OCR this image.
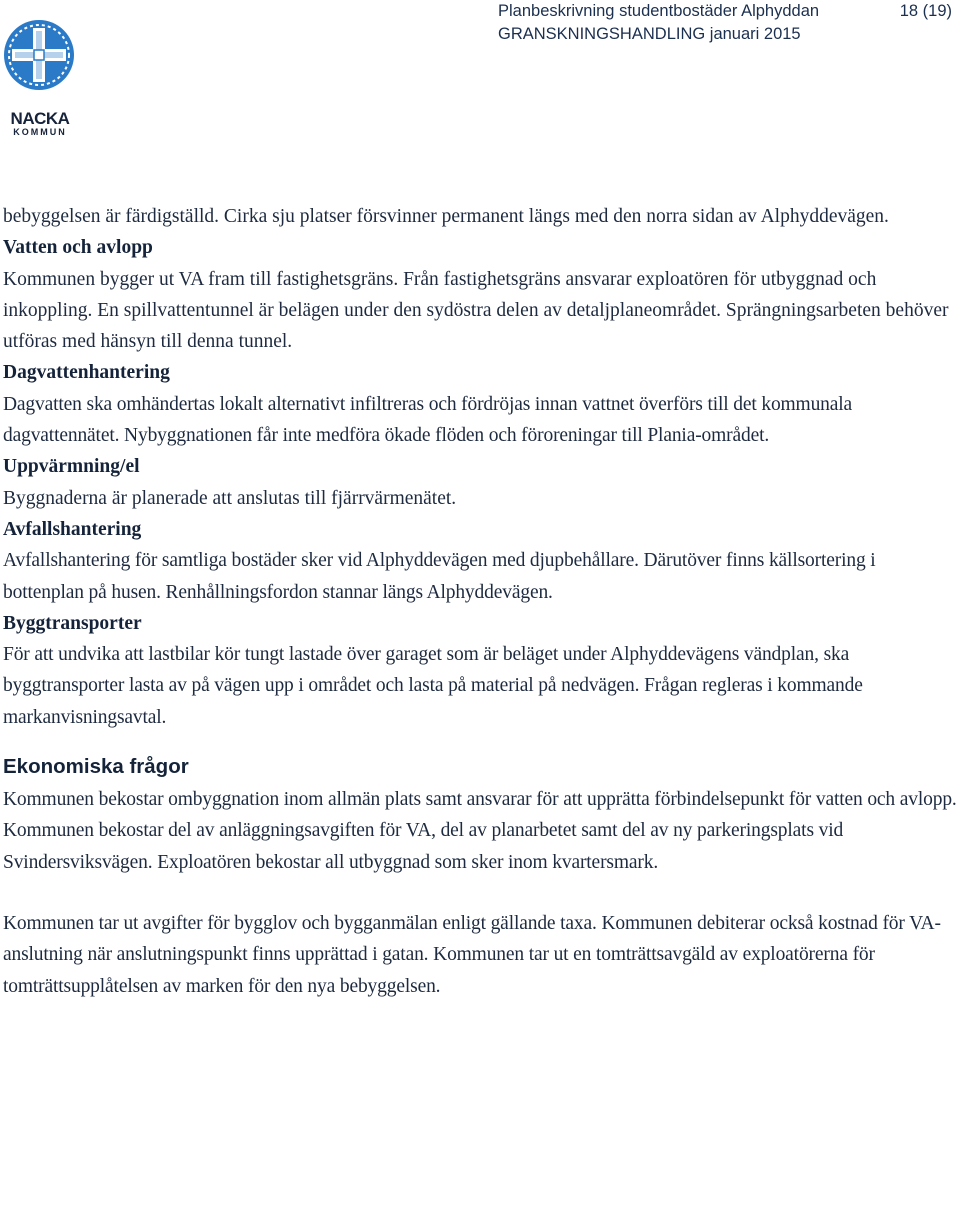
Planbeskrivning studentbostäder Alphyddan
GRANSKNINGSHANDLING januari 2015
18 (19)
NACKA
KOMMUN

bebyggelsen är färdigställd. Cirka sju platser försvinner permanent längs med den norra sidan av Alphyddevägen.

Vatten och avlopp

Kommunen bygger ut VA fram till fastighetsgräns. Från fastighetsgräns ansvarar exploatören för utbyggnad och inkoppling. En spillvattentunnel är belägen under den sydöstra delen av detaljplaneområdet. Sprängningsarbeten behöver utföras med hänsyn till denna tunnel.

Dagvattenhantering

Dagvatten ska omhändertas lokalt alternativt infiltreras och fördröjas innan vattnet överförs till det kommunala dagvattennätet. Nybyggnationen får inte medföra ökade flöden och föroreningar till Plania-området.

Uppvärmning/el

Byggnaderna är planerade att anslutas till fjärrvärmenätet.

Avfallshantering

Avfallshantering för samtliga bostäder sker vid Alphyddevägen med djupbehållare. Därutöver finns källsortering i bottenplan på husen. Renhållningsfordon stannar längs Alphyddevägen.

Byggtransporter

För att undvika att lastbilar kör tungt lastade över garaget som är beläget under Alphyddevägens vändplan, ska byggtransporter lasta av på vägen upp i området och lasta på material på nedvägen. Frågan regleras i kommande markanvisningsavtal.

Ekonomiska frågor

Kommunen bekostar ombyggnation inom allmän plats samt ansvarar för att upprätta förbindelsepunkt för vatten och avlopp. Kommunen bekostar del av anläggningsavgiften för VA, del av planarbetet samt del av ny parkeringsplats vid Svindersviksvägen. Exploatören bekostar all utbyggnad som sker inom kvartersmark.

Kommunen tar ut avgifter för bygglov och bygganmälan enligt gällande taxa. Kommunen debiterar också kostnad för VA-anslutning när anslutningspunkt finns upprättad i gatan. Kommunen tar ut en tomträttsavgäld av exploatörerna för tomträttsupplåtelsen av marken för den nya bebyggelsen.
